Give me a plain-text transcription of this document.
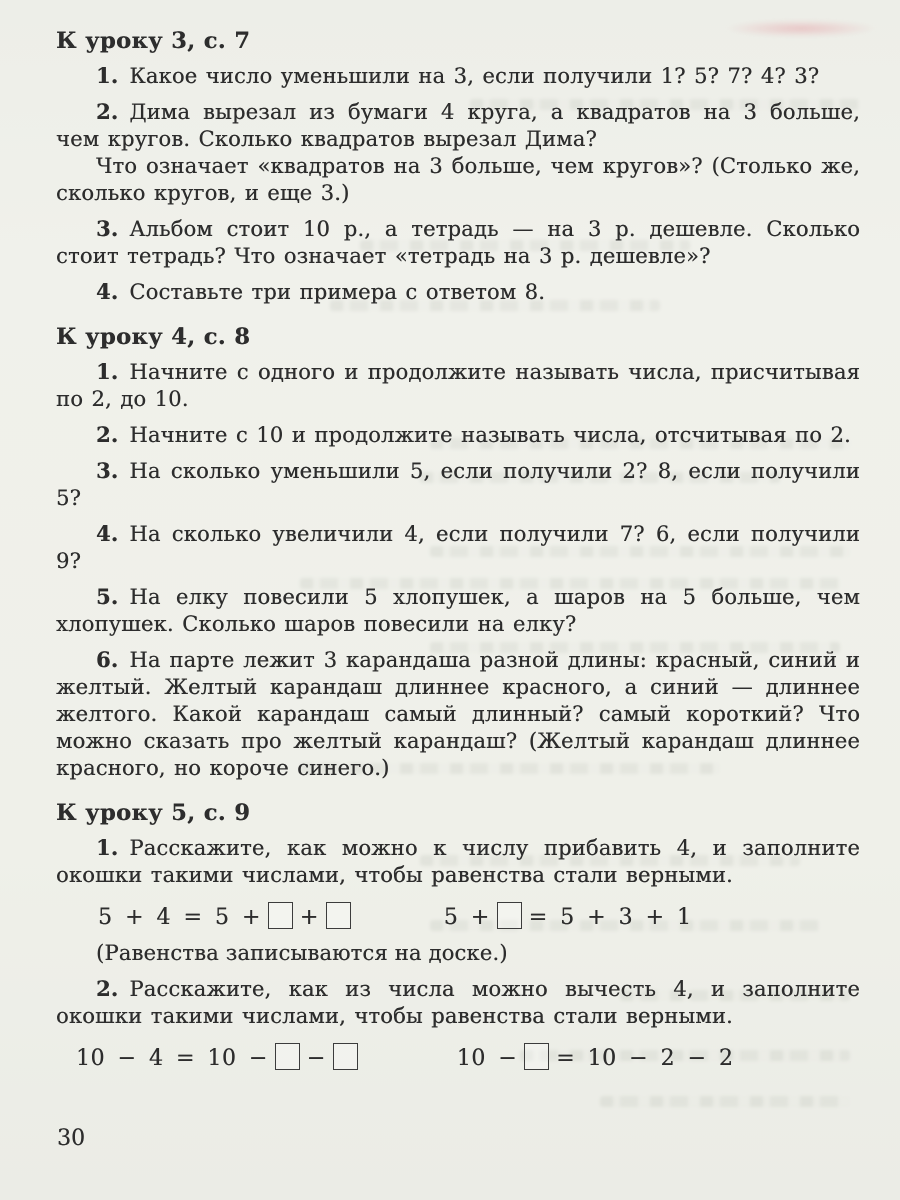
К уроку 3, с. 7

1. Какое число уменьшили на 3, если получили 1? 5? 7? 4? 3?

2. Дима вырезал из бумаги 4 круга, а квадратов на 3 больше, чем кругов. Сколько квадратов вырезал Дима?

Что означает «квадратов на 3 больше, чем кругов»? (Столько же, сколько кругов, и еще 3.)

3. Альбом стоит 10 р., а тетрадь — на 3 р. дешевле. Сколько стоит тетрадь? Что означает «тетрадь на 3 р. дешевле»?

4. Составьте три примера с ответом 8.

К уроку 4, с. 8

1. Начните с одного и продолжите называть числа, присчитывая по 2, до 10.

2. Начните с 10 и продолжите называть числа, отсчитывая по 2.

3. На сколько уменьшили 5, если получили 2? 8, если получили 5?

4. На сколько увеличили 4, если получили 7? 6, если получили 9?

5. На елку повесили 5 хлопушек, а шаров на 5 больше, чем хлопушек. Сколько шаров повесили на елку?

6. На парте лежит 3 карандаша разной длины: красный, синий и желтый. Желтый карандаш длиннее красного, а синий — длиннее желтого. Какой карандаш самый длинный? самый короткий? Что можно сказать про желтый карандаш? (Желтый карандаш длиннее красного, но короче синего.)

К уроку 5, с. 9

1. Расскажите, как можно к числу прибавить 4, и заполните окошки такими числами, чтобы равенства стали верными.

5 + 4 = 5 + +	5 + = 5 + 3 + 1

(Равенства записываются на доске.)

2. Расскажите, как из числа можно вычесть 4, и заполните окошки такими числами, чтобы равенства стали верными.

10 − 4 = 10 − −	10 − = 10 − 2 − 2
30
